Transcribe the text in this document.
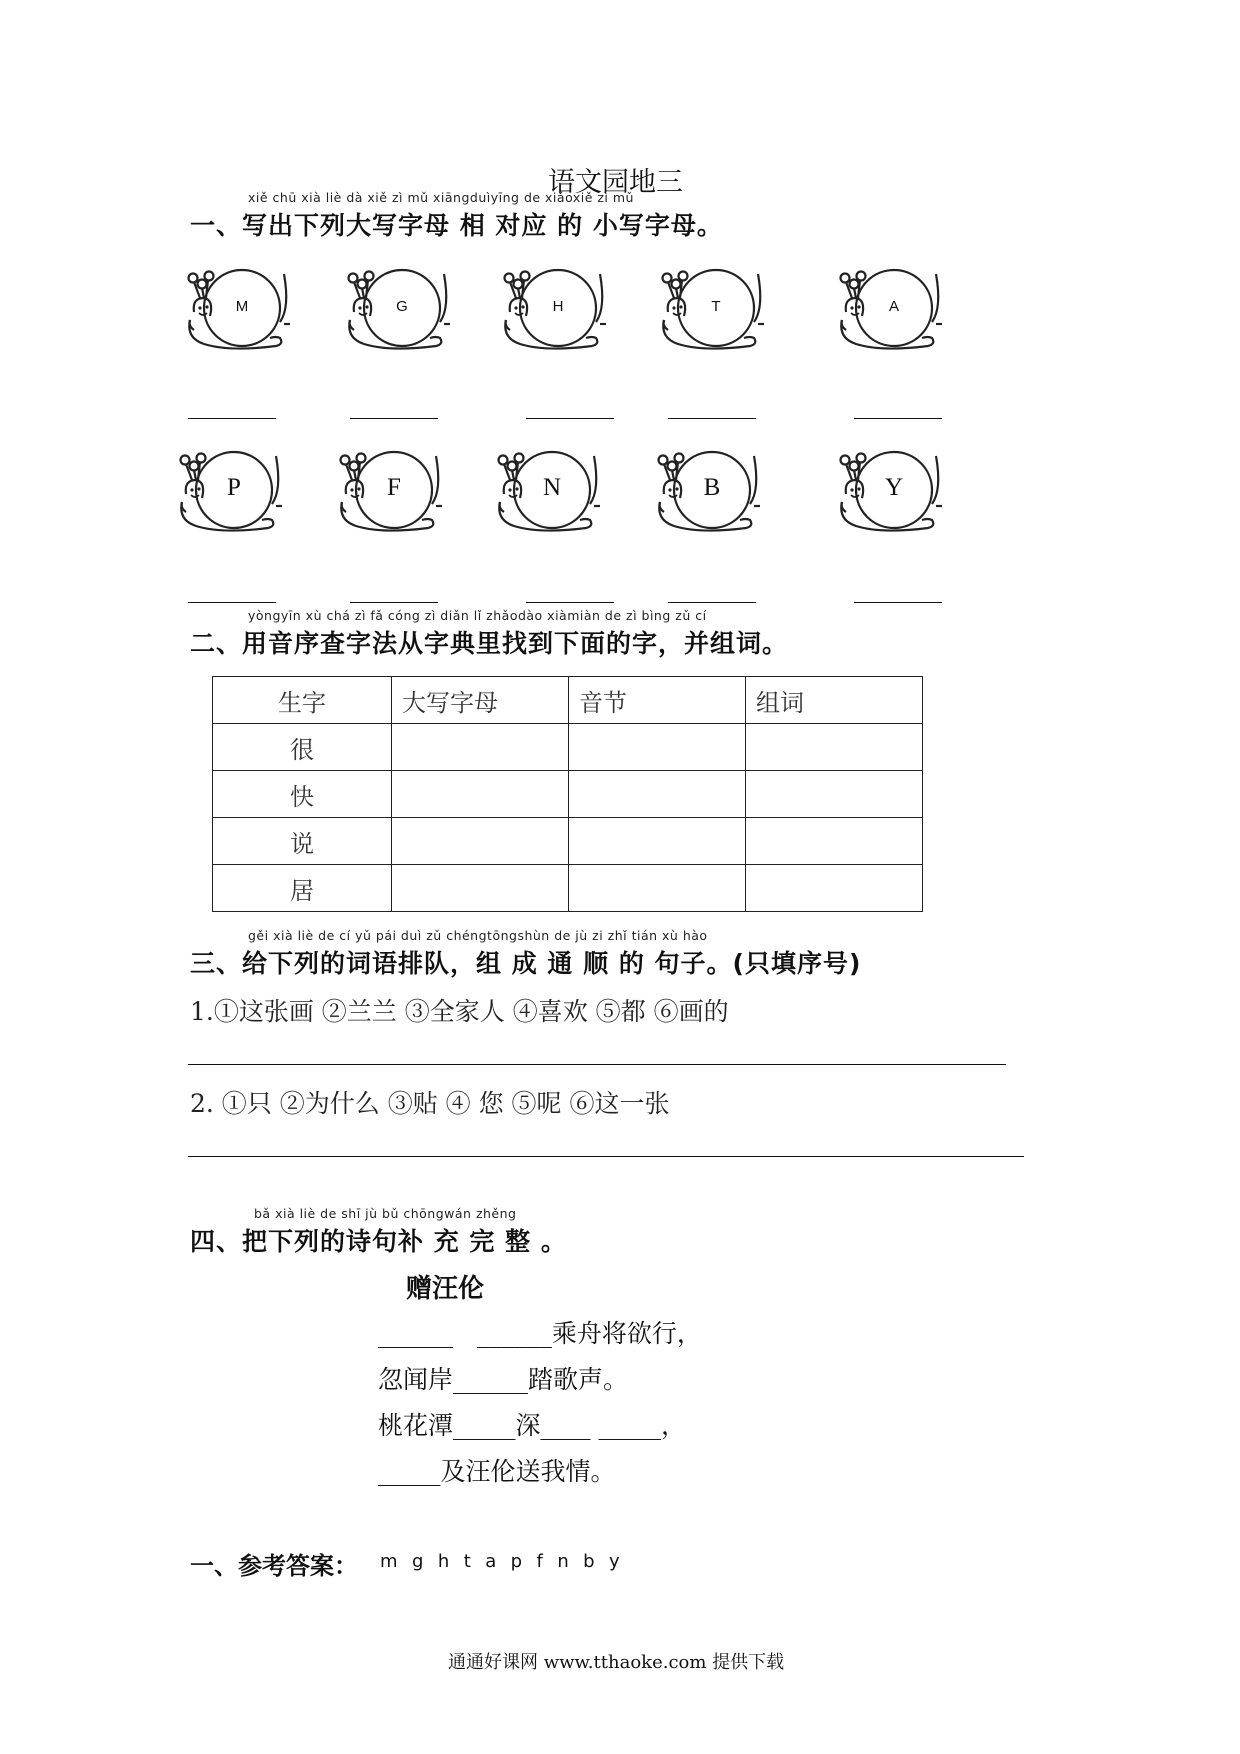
语文园地三
xiě chū xià liè dà xiě zì mǔ xiāngduìyīng de xiǎoxiě zì mǔ
一、写出下列大写字母 相 对应 的 小写字母。
M	G	H	T	A
P	F	N	B	Y
yòngyīn xù chá zì fǎ cóng zì diǎn lǐ zhǎodào xiàmiàn de zì bìng zǔ cí
二、用音序查字法从字典里找到下面的字，并组词。
生字	大写字母	音节	组词
很			
快			
说			
居			
gěi xià liè de cí yǔ pái duì zǔ chéngtōngshùn de jù zi zhǐ tián xù hào
三、给下列的词语排队，组 成 通 顺 的 句子。(只填序号)
1.①这张画 ②兰兰 ③全家人 ④喜欢 ⑤都 ⑥画的
2. ①只 ②为什么 ③贴 ④ 您 ⑤呢 ⑥这一张
bǎ xià liè de shī jù bǔ chōngwán zhěng
四、把下列的诗句补 充 完 整 。
赠汪伦
______   ______乘舟将欲行，
忽闻岸______踏歌声。
桃花潭_____深____ _____，
_____及汪伦送我情。
一、参考答案： m  g  h  t  a  p  f  n  b  y
通通好课网 www.tthaoke.com 提供下载
